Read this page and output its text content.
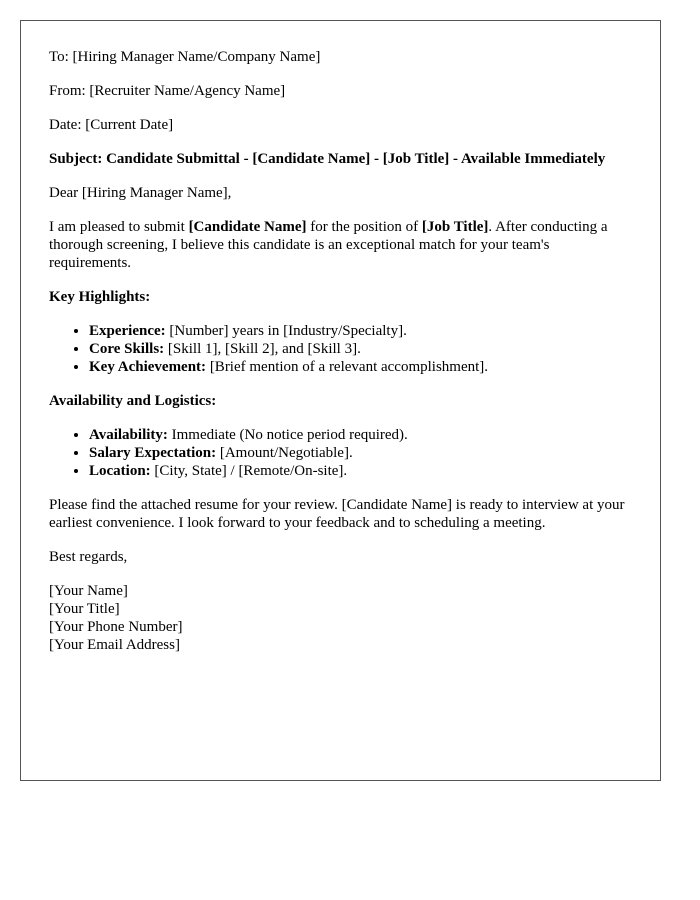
To: [Hiring Manager Name/Company Name]

From: [Recruiter Name/Agency Name]

Date: [Current Date]

Subject: Candidate Submittal - [Candidate Name] - [Job Title] - Available Immediately

Dear [Hiring Manager Name],

I am pleased to submit [Candidate Name] for the position of [Job Title]. After conducting a thorough screening, I believe this candidate is an exceptional match for your team's requirements.

Key Highlights:

• Experience: [Number] years in [Industry/Specialty].
• Core Skills: [Skill 1], [Skill 2], and [Skill 3].
• Key Achievement: [Brief mention of a relevant accomplishment].

Availability and Logistics:

• Availability: Immediate (No notice period required).
• Salary Expectation: [Amount/Negotiable].
• Location: [City, State] / [Remote/On-site].

Please find the attached resume for your review. [Candidate Name] is ready to interview at your earliest convenience. I look forward to your feedback and to scheduling a meeting.

Best regards,

[Your Name]
[Your Title]
[Your Phone Number]
[Your Email Address]
